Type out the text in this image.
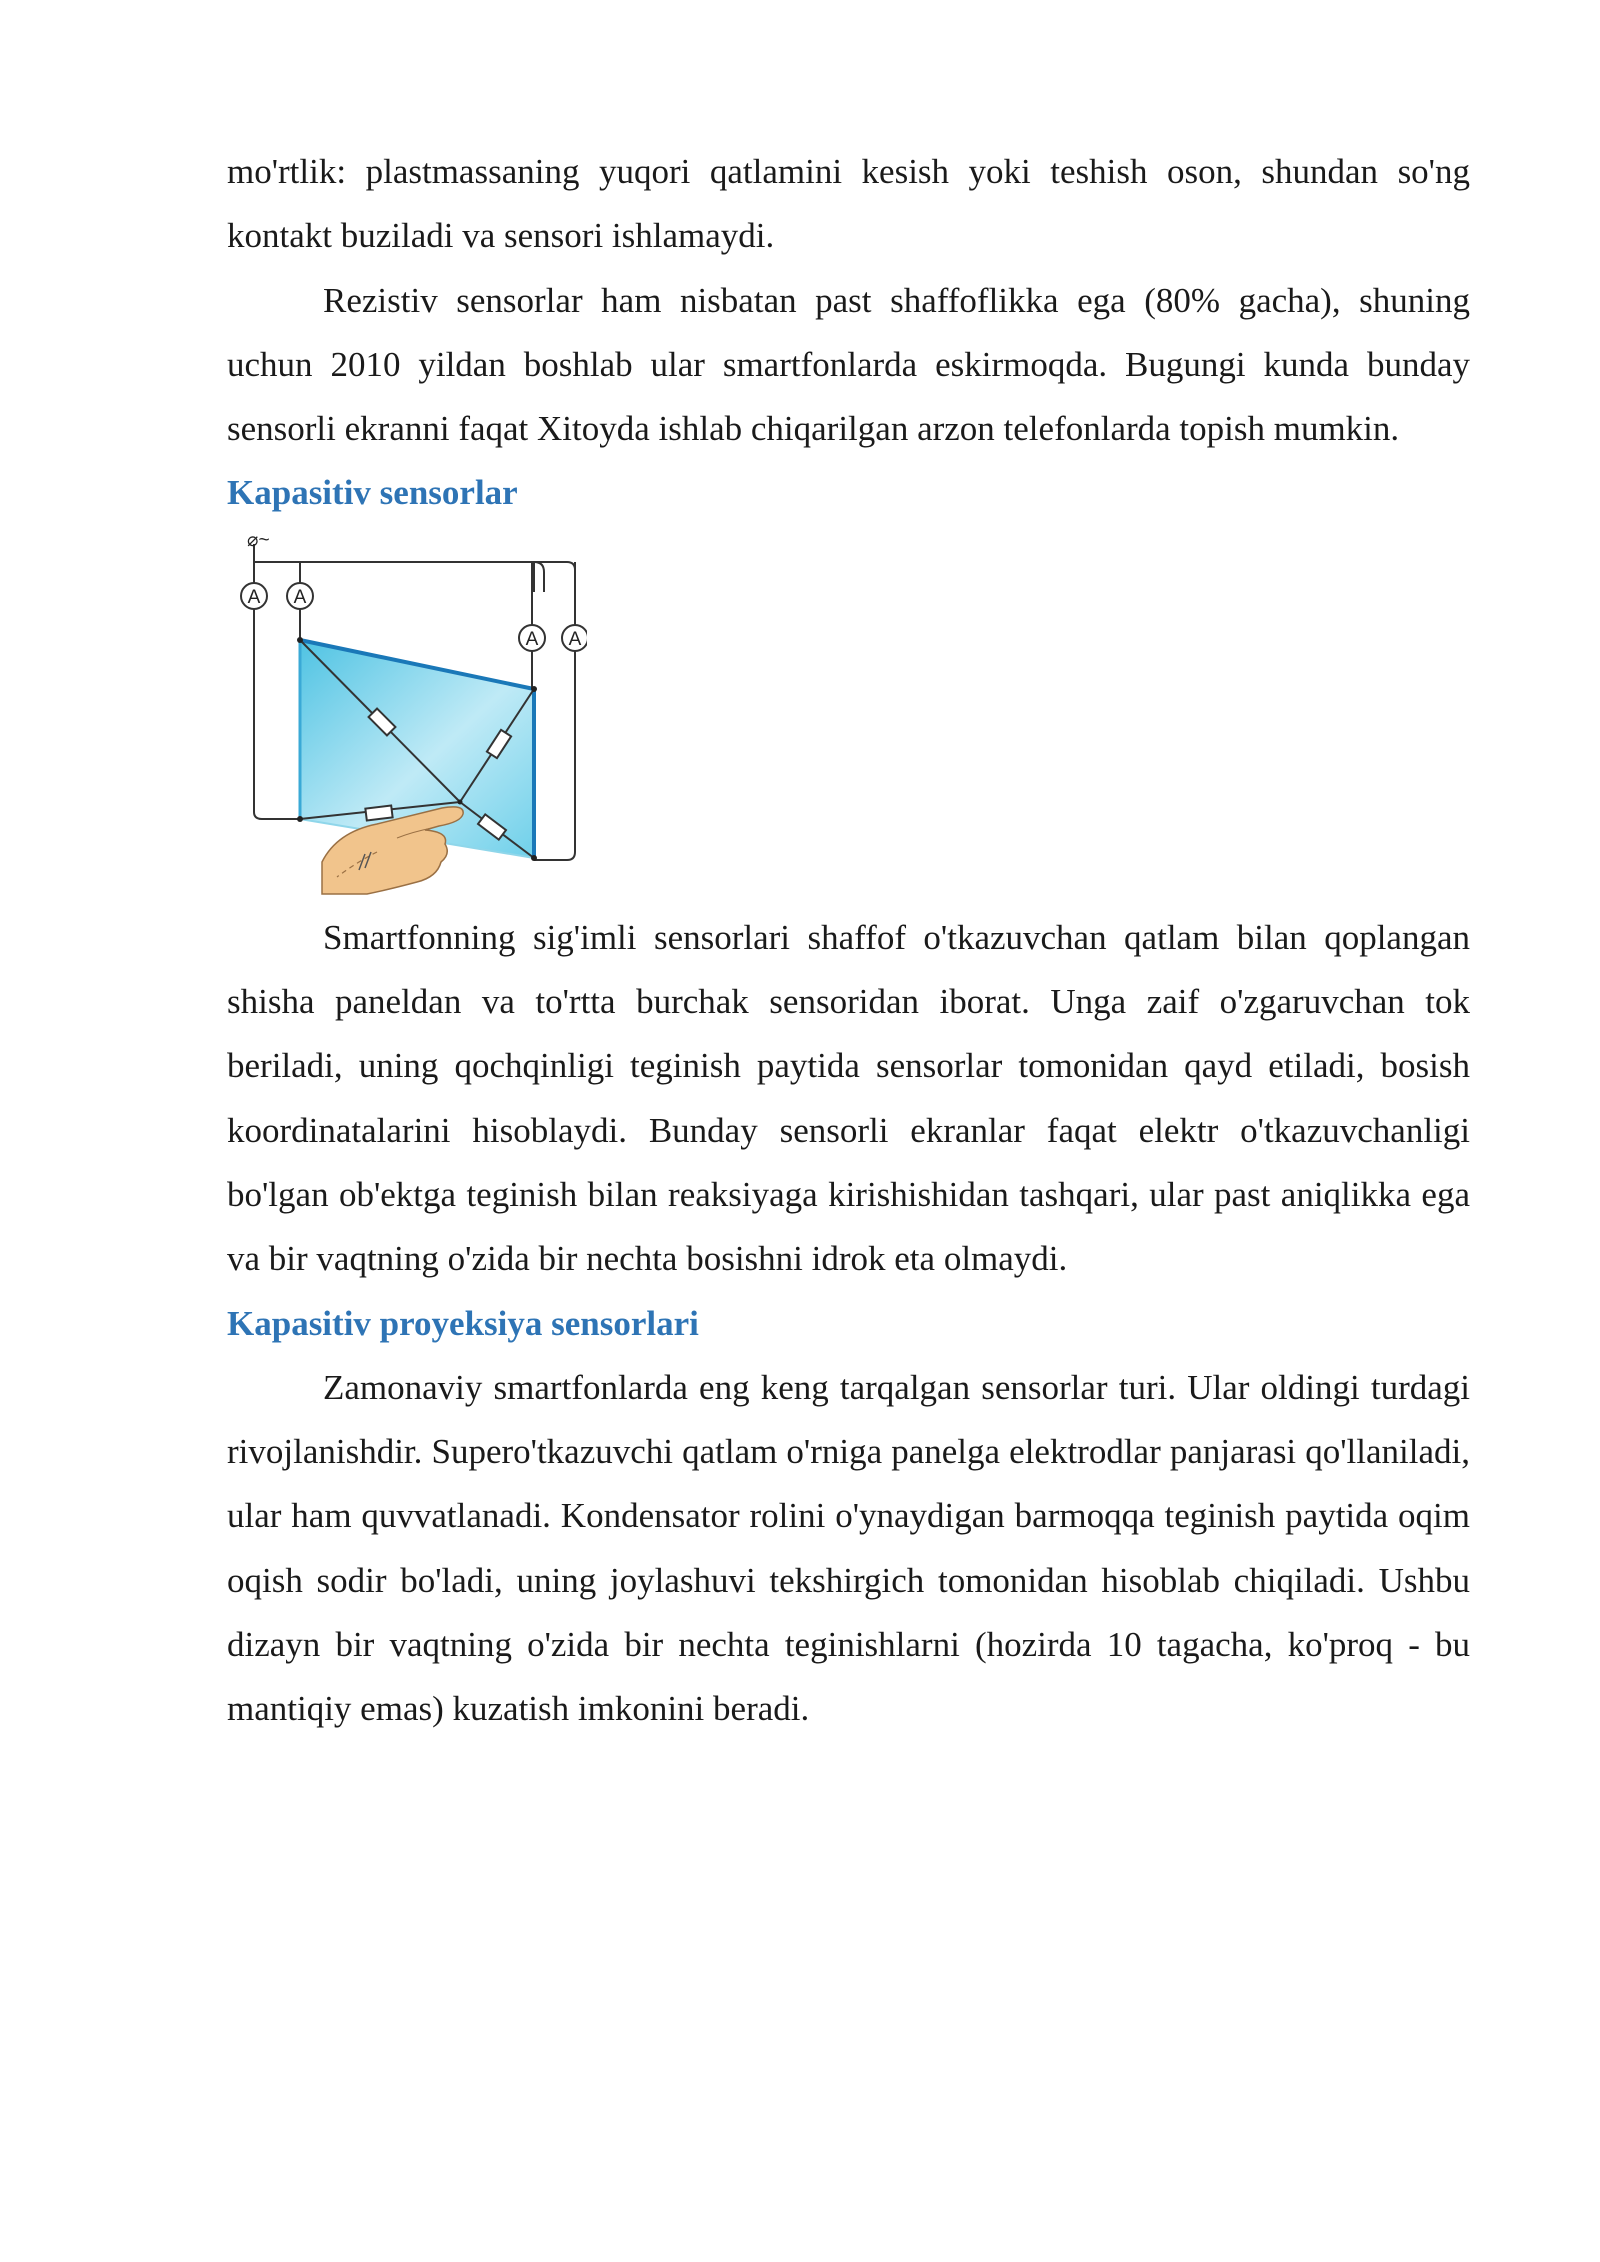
mo'rtlik: plastmassaning yuqori qatlamini kesish yoki teshish oson, shundan so'ng kontakt buziladi va sensori ishlamaydi.

Rezistiv sensorlar ham nisbatan past shaffoflikka ega (80% gacha), shuning uchun 2010 yildan boshlab ular smartfonlarda eskirmoqda. Bugungi kunda bunday sensorli ekranni faqat Xitoyda ishlab chiqarilgan arzon telefonlarda topish mumkin.

Kapasitiv sensorlar
A A
A A
⌀~

Smartfonning sig'imli sensorlari shaffof o'tkazuvchan qatlam bilan qoplangan shisha paneldan va to'rtta burchak sensoridan iborat. Unga zaif o'zgaruvchan tok beriladi, uning qochqinligi teginish paytida sensorlar tomonidan qayd etiladi, bosish koordinatalarini hisoblaydi. Bunday sensorli ekranlar faqat elektr o'tkazuvchanligi bo'lgan ob'ektga teginish bilan reaksiyaga kirishishidan tashqari, ular past aniqlikka ega va bir vaqtning o'zida bir nechta bosishni idrok eta olmaydi.

Kapasitiv proyeksiya sensorlari

Zamonaviy smartfonlarda eng keng tarqalgan sensorlar turi. Ular oldingi turdagi rivojlanishdir. Supero'tkazuvchi qatlam o'rniga panelga elektrodlar panjarasi qo'llaniladi, ular ham quvvatlanadi. Kondensator rolini o'ynaydigan barmoqqa teginish paytida oqim oqish sodir bo'ladi, uning joylashuvi tekshirgich tomonidan hisoblab chiqiladi. Ushbu dizayn bir vaqtning o'zida bir nechta teginishlarni (hozirda 10 tagacha, ko'proq - bu mantiqiy emas) kuzatish imkonini beradi.
